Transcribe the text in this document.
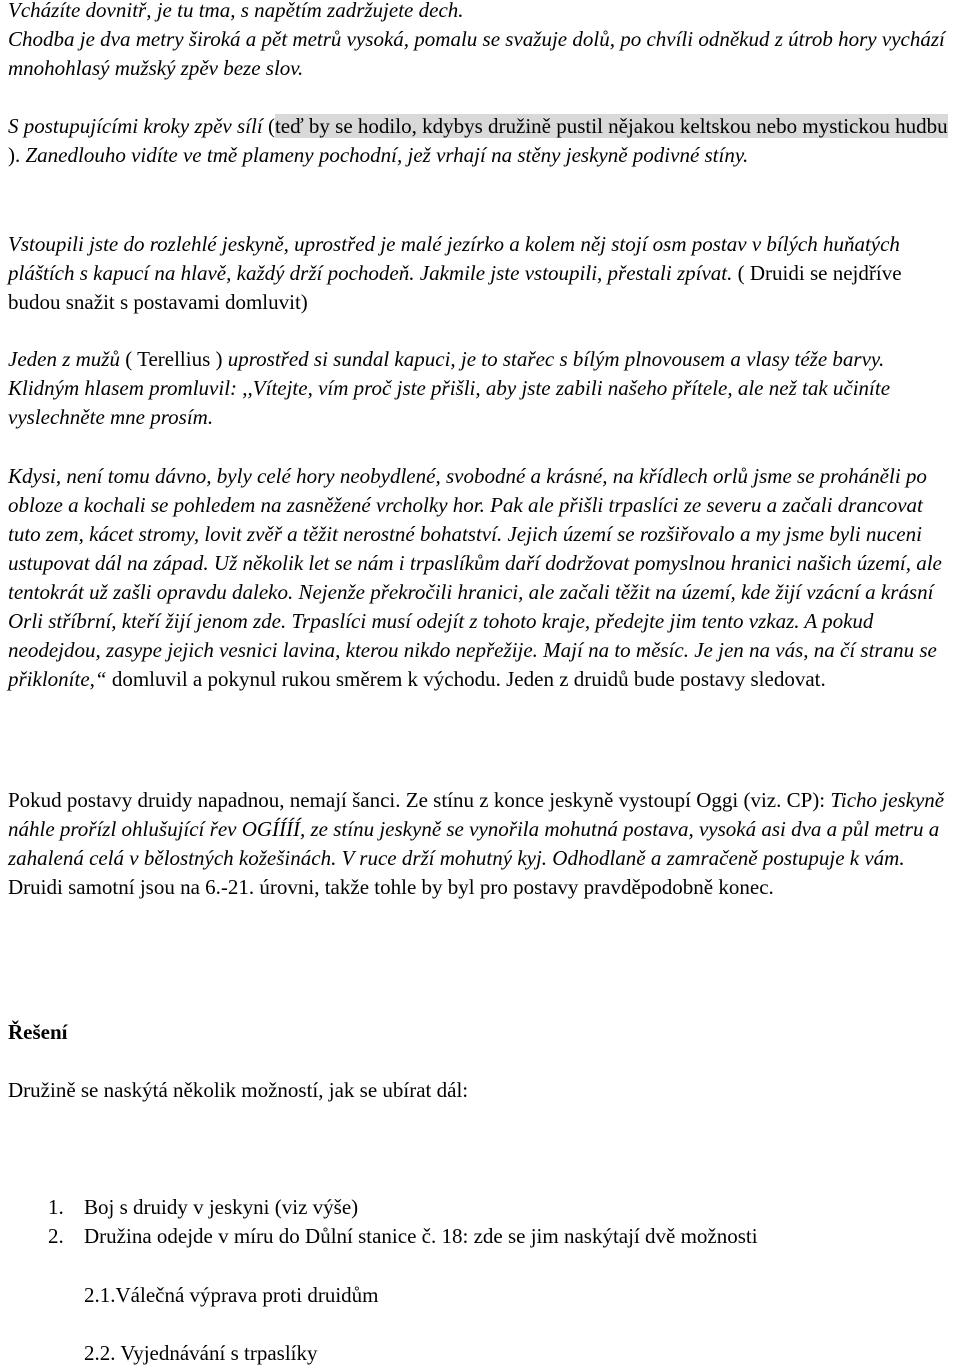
Vcházíte dovnitř, je tu tma, s napětím zadržujete dech.
Chodba je dva metry široká a pět metrů vysoká, pomalu se svažuje dolů, po chvíli odněkud z útrob hory vychází mnohohlasý mužský zpěv beze slov.
S postupujícími kroky zpěv sílí (teď by se hodilo, kdybys družině pustil nějakou keltskou nebo mystickou hudbu ). Zanedlouho vidíte ve tmě plameny pochodní, jež vrhají na stěny jeskyně podivné stíny.
Vstoupili jste do rozlehlé jeskyně, uprostřed je malé jezírko a kolem něj stojí osm postav v bílých huňatých pláštích s kapucí na hlavě, každý drží pochodeň. Jakmile jste vstoupili, přestali zpívat. ( Druidi se nejdříve budou snažit s postavami domluvit)
Jeden z mužů ( Terellius ) uprostřed si sundal kapuci, je to stařec s bílým plnovousem a vlasy téže barvy. Klidným hlasem promluvil: ,,Vítejte, vím proč jste přišli, aby jste zabili našeho přítele, ale než tak učiníte vyslechněte mne prosím.
Kdysi, není tomu dávno, byly celé hory neobydlené, svobodné a krásné, na křídlech orlů jsme se proháněli po obloze a kochali se pohledem na zasněžené vrcholky hor. Pak ale přišli trpaslíci ze severu a začali drancovat tuto zem, kácet stromy, lovit zvěř a těžit nerostné bohatství. Jejich území se rozšiřovalo a my jsme byli nuceni ustupovat dál na západ. Už několik let se nám i trpaslíkům daří dodržovat pomyslnou hranici našich území, ale tentokrát už zašli opravdu daleko. Nejenže překročili hranici, ale začali těžit na území, kde žijí vzácní a krásní Orli stříbrní, kteří žijí jenom zde. Trpaslíci musí odejít z tohoto kraje, předejte jim tento vzkaz. A pokud neodejdou, zasype jejich vesnici lavina, kterou nikdo nepřežije. Mají na to měsíc. Je jen na vás, na čí stranu se přikloníte,“ domluvil a pokynul rukou směrem k východu. Jeden z druidů bude postavy sledovat.
Pokud postavy druidy napadnou, nemají šanci. Ze stínu z konce jeskyně vystoupí Oggi (viz. CP): Ticho jeskyně náhle prořízl ohlušující řev OGÍÍÍÍ, ze stínu jeskyně se vynořila mohutná postava, vysoká asi dva a půl metru a zahalená celá v bělostných kožešinách. V ruce drží mohutný kyj. Odhodlaně a zamračeně postupuje k vám. Druidi samotní jsou na 6.-21. úrovni, takže tohle by byl pro postavy pravděpodobně konec.
Řešení
Družině se naskýtá několik možností, jak se ubírat dál:
1. Boj s druidy v jeskyni (viz výše)
2. Družina odejde v míru do Důlní stanice č. 18: zde se jim naskýtají dvě možnosti
2.1.Válečná výprava proti druidům
2.2. Vyjednávání s trpaslíky
